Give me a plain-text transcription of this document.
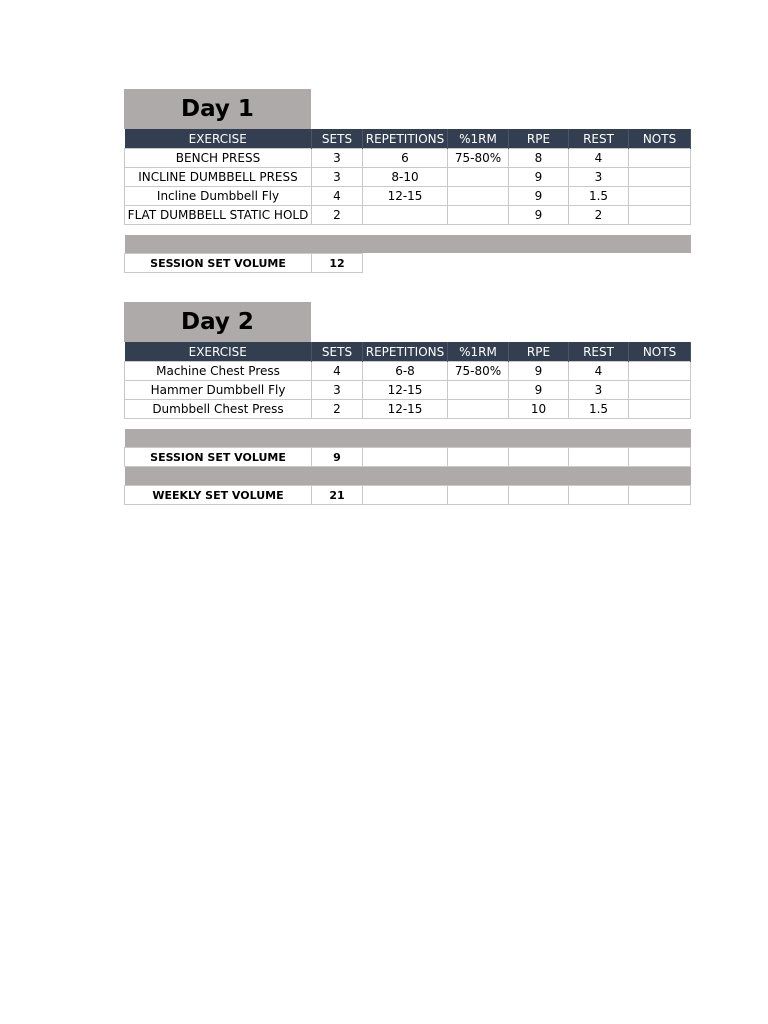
Day 1
EXERCISE	SETS	REPETITIONS	%1RM	RPE	REST	NOTS
BENCH PRESS	3	6	75-80%	8	4	
INCLINE DUMBBELL PRESS	3	8-10		9	3	
Incline Dumbbell Fly	4	12-15		9	1.5	
FLAT DUMBBELL STATIC HOLD	2			9	2	

SESSION SET VOLUME	12					
Day 2
EXERCISE	SETS	REPETITIONS	%1RM	RPE	REST	NOTS
Machine Chest Press	4	6-8	75-80%	9	4	
Hammer Dumbbell Fly	3	12-15		9	3	
Dumbbell Chest Press	2	12-15		10	1.5	

SESSION SET VOLUME	9					

WEEKLY SET VOLUME	21					
